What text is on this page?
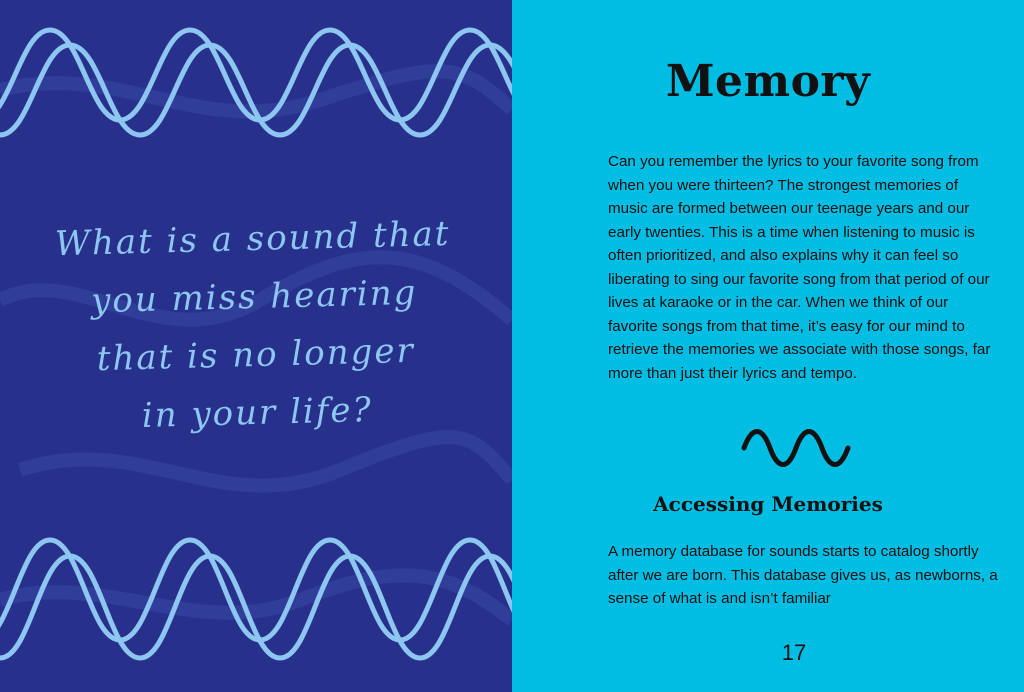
What is a sound that
you miss hearing
that is no longer
in your life?
Memory

Can you remember the lyrics to your favorite song from when you were thirteen? The strongest memories of music are formed between our teenage years and our early twenties. This is a time when listening to music is often prioritized, and also explains why it can feel so liberating to sing our favorite song from that period of our lives at karaoke or in the car. When we think of our favorite songs from that time, it’s easy for our mind to retrieve the memories we associate with those songs, far more than just their lyrics and tempo.

Accessing Memories

A memory database for sounds starts to catalog shortly after we are born. This database gives us, as newborns, a sense of what is and isn’t familiar

17
